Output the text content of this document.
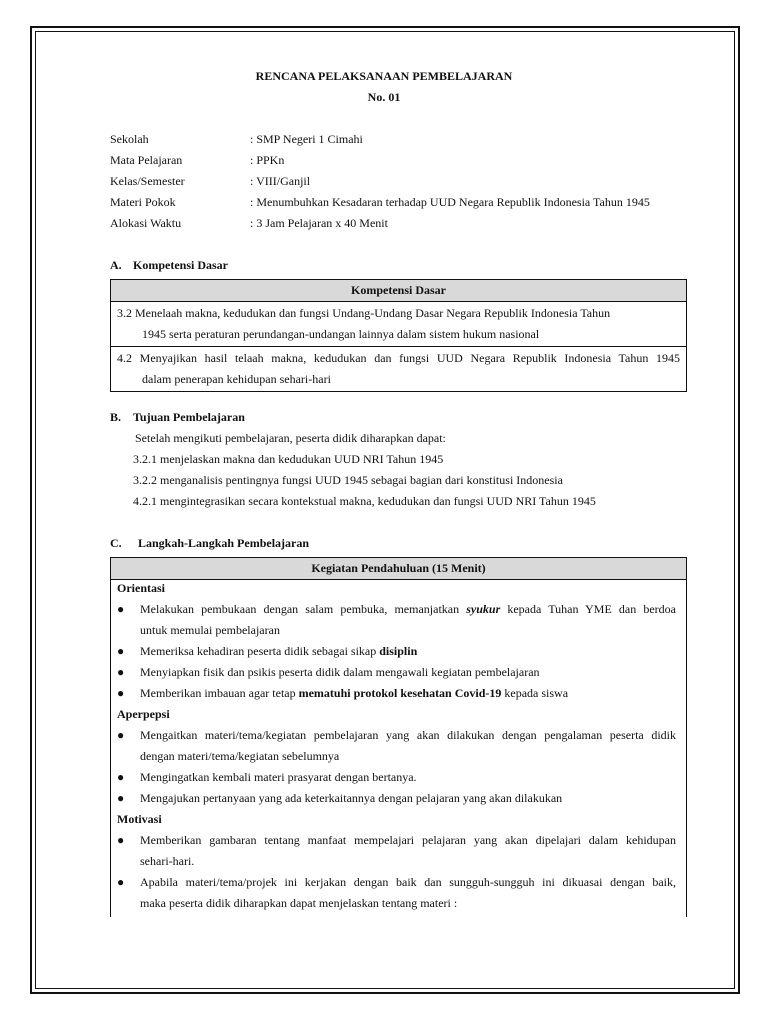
RENCANA PELAKSANAAN PEMBELAJARAN
No. 01
Sekolah	: SMP Negeri 1 Cimahi
Mata Pelajaran	: PPKn
Kelas/Semester	: VIII/Ganjil
Materi Pokok	: Menumbuhkan Kesadaran terhadap UUD Negara Republik Indonesia Tahun 1945
Alokasi Waktu	: 3 Jam Pelajaran x 40 Menit
A. Kompetensi Dasar
Kompetensi Dasar

3.2 Menelaah makna, kedudukan dan fungsi Undang-Undang Dasar Negara Republik Indonesia Tahun
1945 serta peraturan perundangan-undangan lainnya dalam sistem hukum nasional

4.2 Menyajikan hasil telaah makna, kedudukan dan fungsi UUD Negara Republik Indonesia Tahun 1945
dalam penerapan kehidupan sehari-hari
B. Tujuan Pembelajaran
Setelah mengikuti pembelajaran, peserta didik diharapkan dapat:
3.2.1 menjelaskan makna dan kedudukan UUD NRI Tahun 1945
3.2.2 menganalisis pentingnya fungsi UUD 1945 sebagai bagian dari konstitusi Indonesia
4.2.1 mengintegrasikan secara kontekstual makna, kedudukan dan fungsi UUD NRI Tahun 1945
C. Langkah-Langkah Pembelajaran
Kegiatan Pendahuluan (15 Menit)
Orientasi
● Melakukan pembukaan dengan salam pembuka, memanjatkan syukur kepada Tuhan YME dan berdoa
untuk memulai pembelajaran
● Memeriksa kehadiran peserta didik sebagai sikap disiplin
● Menyiapkan fisik dan psikis peserta didik dalam mengawali kegiatan pembelajaran
● Memberikan imbauan agar tetap mematuhi protokol kesehatan Covid-19 kepada siswa
Aperpepsi
● Mengaitkan materi/tema/kegiatan pembelajaran yang akan dilakukan dengan pengalaman peserta didik
dengan materi/tema/kegiatan sebelumnya
● Mengingatkan kembali materi prasyarat dengan bertanya.
● Mengajukan pertanyaan yang ada keterkaitannya dengan pelajaran yang akan dilakukan
Motivasi
● Memberikan gambaran tentang manfaat mempelajari pelajaran yang akan dipelajari dalam kehidupan
sehari-hari.
● Apabila materi/tema/projek ini kerjakan dengan baik dan sungguh-sungguh ini dikuasai dengan baik,
maka peserta didik diharapkan dapat menjelaskan tentang materi :
